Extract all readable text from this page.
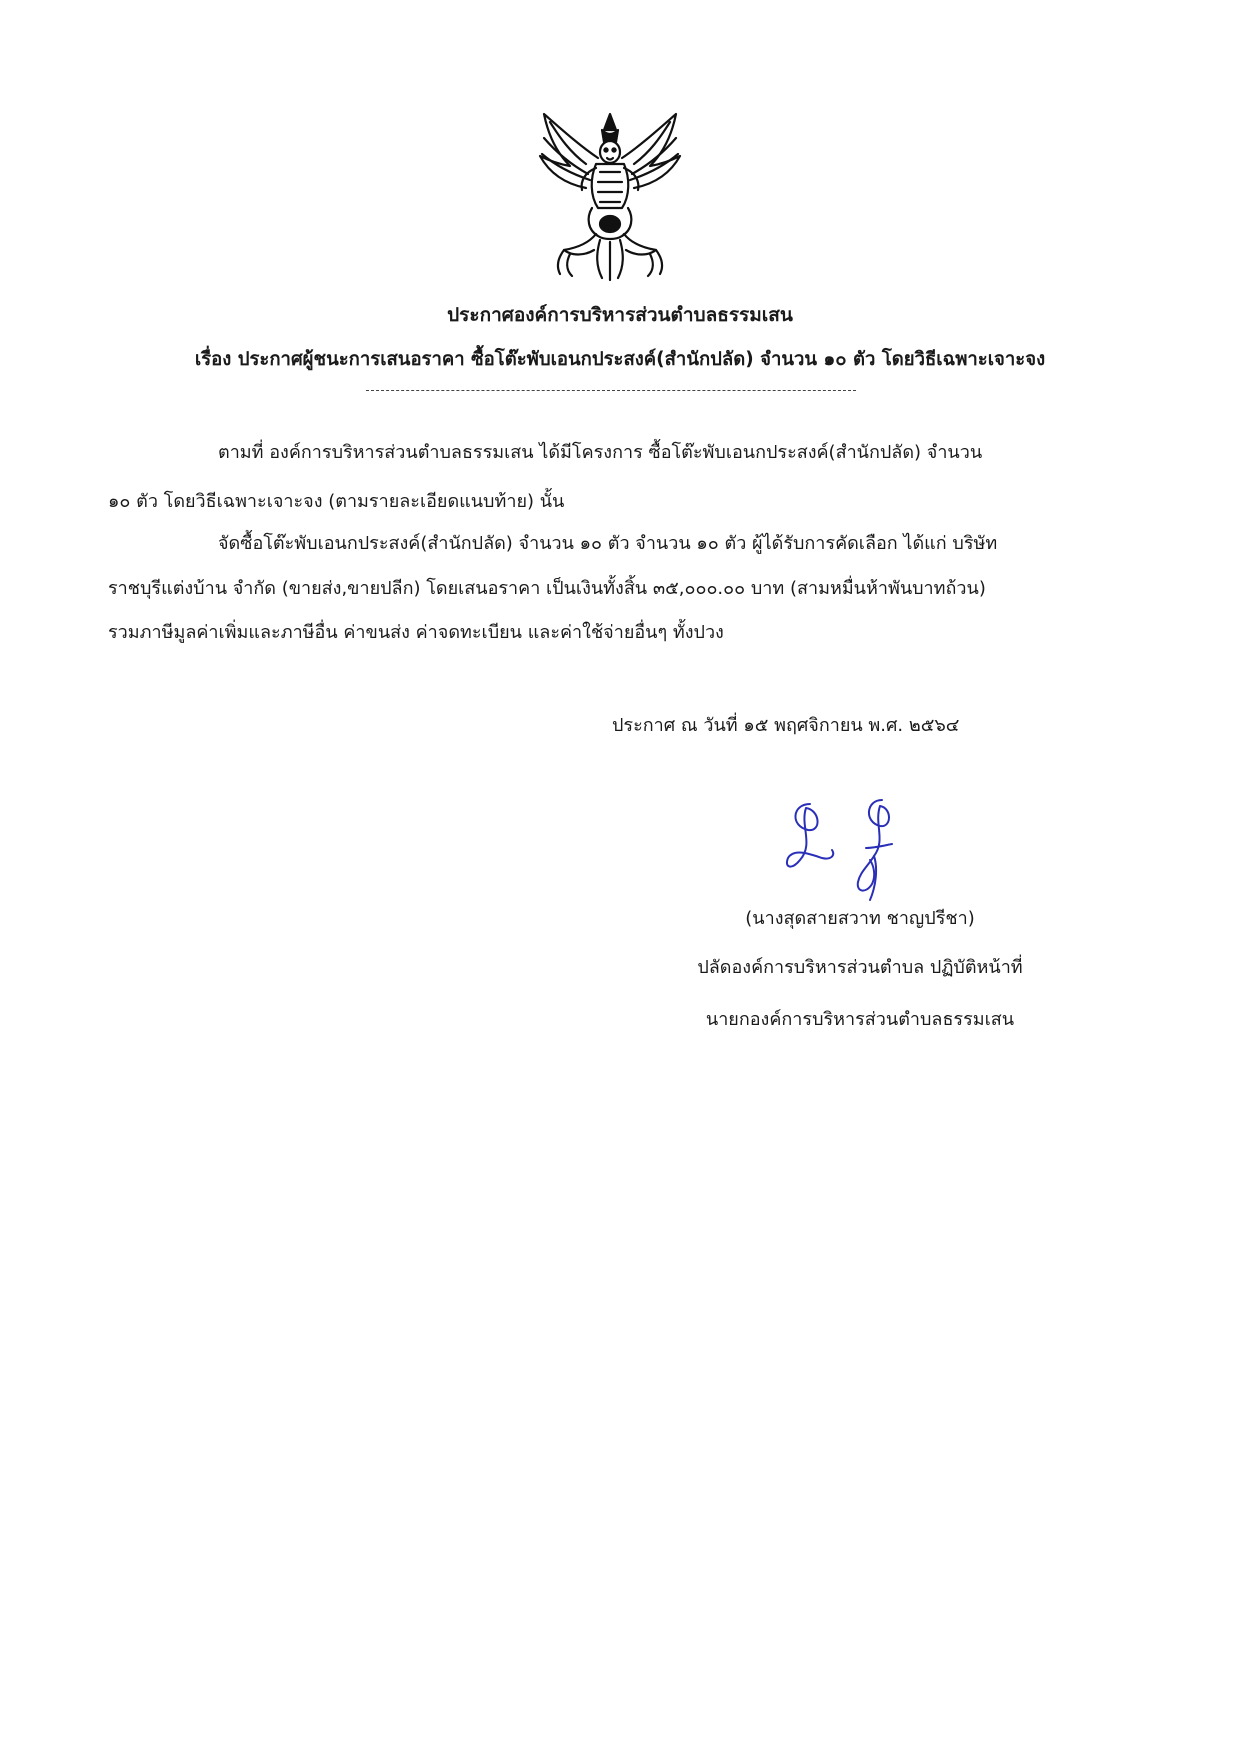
ประกาศองค์การบริหารส่วนตำบลธรรมเสน
เรื่อง ประกาศผู้ชนะการเสนอราคา ซื้อโต๊ะพับเอนกประสงค์(สำนักปลัด) จำนวน ๑๐ ตัว โดยวิธีเฉพาะเจาะจง
ตามที่ องค์การบริหารส่วนตำบลธรรมเสน ได้มีโครงการ ซื้อโต๊ะพับเอนกประสงค์(สำนักปลัด) จำนวน
๑๐ ตัว โดยวิธีเฉพาะเจาะจง (ตามรายละเอียดแนบท้าย) นั้น
จัดซื้อโต๊ะพับเอนกประสงค์(สำนักปลัด) จำนวน ๑๐ ตัว จำนวน ๑๐ ตัว ผู้ได้รับการคัดเลือก ได้แก่ บริษัท
ราชบุรีแต่งบ้าน จำกัด (ขายส่ง,ขายปลีก) โดยเสนอราคา เป็นเงินทั้งสิ้น ๓๕,๐๐๐.๐๐ บาท (สามหมื่นห้าพันบาทถ้วน)
รวมภาษีมูลค่าเพิ่มและภาษีอื่น ค่าขนส่ง ค่าจดทะเบียน และค่าใช้จ่ายอื่นๆ ทั้งปวง
ประกาศ ณ วันที่ ๑๕ พฤศจิกายน พ.ศ. ๒๕๖๔
(นางสุดสายสวาท ชาญปรีชา)
ปลัดองค์การบริหารส่วนตำบล ปฏิบัติหน้าที่
นายกองค์การบริหารส่วนตำบลธรรมเสน
